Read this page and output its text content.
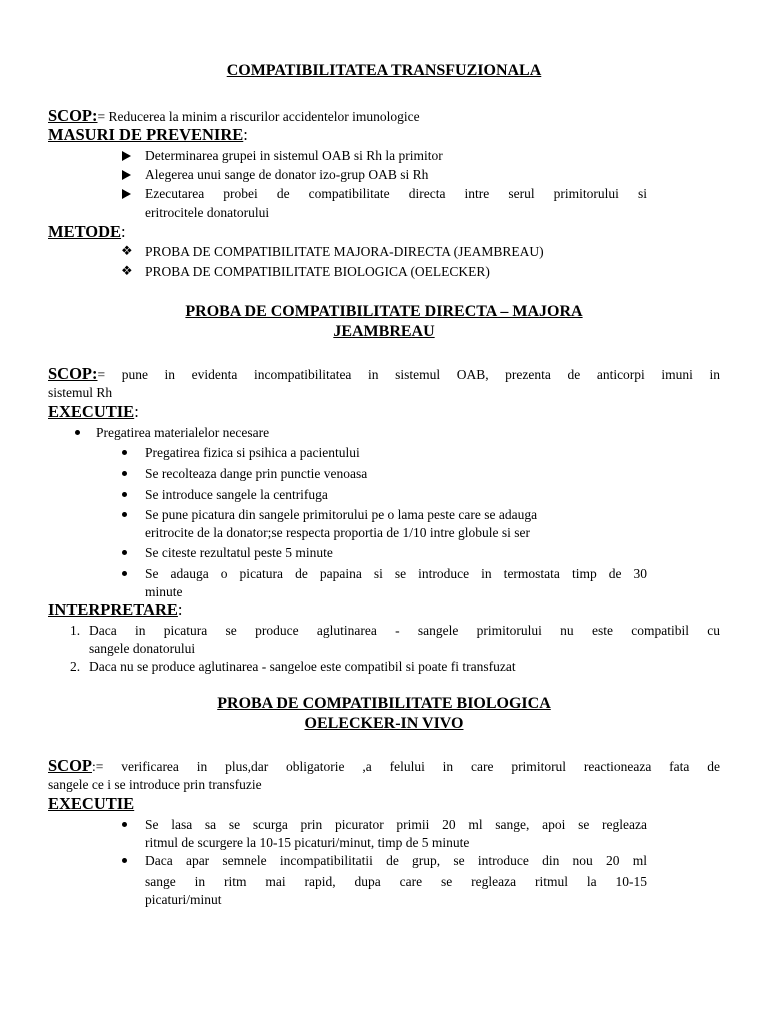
COMPATIBILITATEA TRANSFUZIONALA
SCOP:= Reducerea la minim a riscurilor accidentelor imunologice
MASURI DE PREVENIRE:
Determinarea grupei in sistemul OAB si Rh la primitor
Alegerea unui sange de donator izo-grup OAB si Rh
Ezecutarea probei de compatibilitate directa intre serul primitorului si
eritrocitele donatorului
METODE:
❖ PROBA DE COMPATIBILITATE MAJORA-DIRECTA (JEAMBREAU)
❖ PROBA DE COMPATIBILITATE BIOLOGICA (OELECKER)
PROBA DE COMPATIBILITATE DIRECTA – MAJORA
JEAMBREAU
SCOP:= pune in evidenta incompatibilitatea in sistemul OAB, prezenta de anticorpi imuni in
sistemul Rh
EXECUTIE:
Pregatirea materialelor necesare
Pregatirea fizica si psihica a pacientului
Se recolteaza dange prin punctie venoasa
Se introduce sangele la centrifuga
Se pune picatura din sangele primitorului pe o lama peste care se adauga
eritrocite de la donator;se respecta proportia de 1/10 intre globule si ser
Se citeste rezultatul peste 5 minute
Se adauga o picatura de papaina si se introduce in termostata timp de 30
minute
INTERPRETARE:
1. Daca in picatura se produce aglutinarea - sangele primitorului nu este compatibil cu
sangele donatorului
2. Daca nu se produce aglutinarea - sangeloe este compatibil si poate fi transfuzat
PROBA DE COMPATIBILITATE BIOLOGICA
OELECKER-IN VIVO
SCOP:= verificarea in plus,dar obligatorie ,a felului in care primitorul reactioneaza fata de
sangele ce i se introduce prin transfuzie
EXECUTIE
Se lasa sa se scurga prin picurator primii 20 ml sange, apoi se regleaza
ritmul de scurgere la 10-15 picaturi/minut, timp de 5 minute
Daca apar semnele incompatibilitatii de grup, se introduce din nou 20 ml
sange in ritm mai rapid, dupa care se regleaza ritmul la 10-15
picaturi/minut
